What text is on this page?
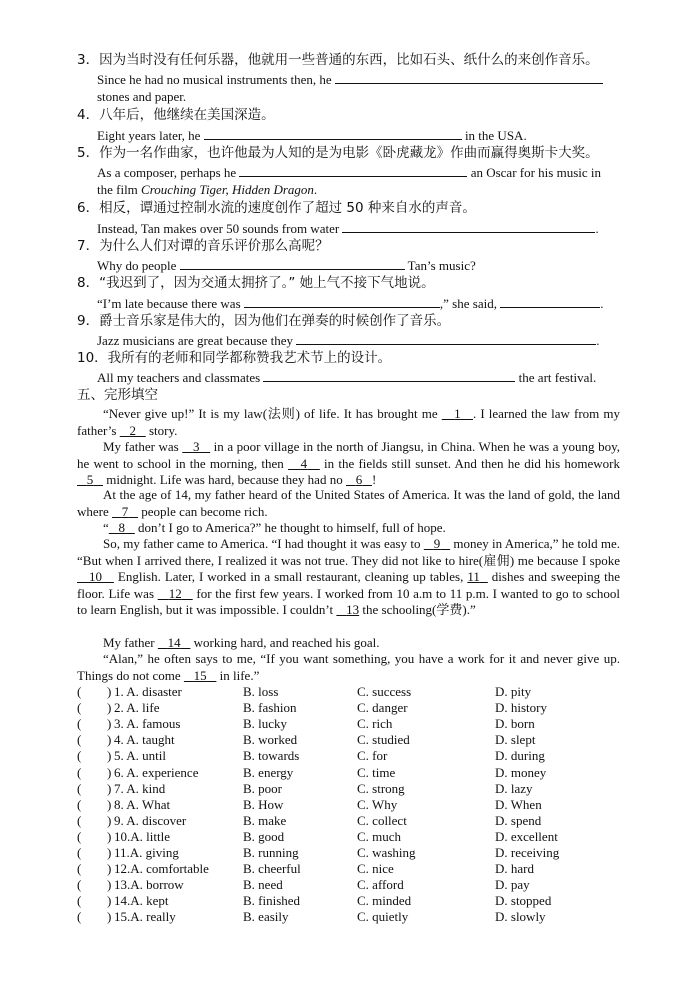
3．因为当时没有任何乐器，他就用一些普通的东西，比如石头、纸什么的来创作音乐。
Since he had no musical instruments then, he
stones and paper.
4．八年后，他继续在美国深造。
Eight years later, he	in the USA.
5．作为一名作曲家，也许他最为人知的是为电影《卧虎藏龙》作曲而赢得奥斯卡大奖。
As a composer, perhaps he	an Oscar for his music in
the film Crouching Tiger, Hidden Dragon.
6．相反，谭通过控制水流的速度创作了超过 50 种来自水的声音。
Instead, Tan makes over 50 sounds from water	.
7．为什么人们对谭的音乐评价那么高呢？
Why do people	Tan’s music?
8．“我迟到了，因为交通太拥挤了。” 她上气不接下气地说。
“I’m late because there was	,” she said,	.
9．爵士音乐家是伟大的，因为他们在弹奏的时候创作了音乐。
Jazz musicians are great because they	.
10．我所有的老师和同学都称赞我艺术节上的设计。
All my teachers and classmates	the art festival.
五、完形填空
“Never give up!” It is my law(法则) of life. It has brought me    1 . I learned the law from my father’s    2    story.
My father was    3    in a poor village in the north of Jiangsu, in China. When he was a young boy, he went to school in the morning, then    4    in the fields still sunset. And then he did his homework    5    midnight. Life was hard, because they had no    6 !
At the age of 14, my father heard of the United States of America. It was the land of gold, the land where    7    people can become rich.
“ 8    don’t I go to America?” he thought to himself, full of hope.
So, my father came to America. “I had thought it was easy to    9    money in America,” he told me. “But when I arrived there, I realized it was not true. They did not like to hire(雇佣) me because I spoke    10    English. Later, I worked in a small restaurant, cleaning up tables, 11   dishes and sweeping the floor. Life was    12    for the first few years. I worked from 10 a.m to 11 p.m. I wanted to go to school to learn English, but it was impossible. I couldn’t    13 the schooling(学费).”
My father    14    working hard, and reached his goal.
“Alan,” he often says to me, “If you want something, you have a work for it and never give up. Things do not come    15    in life.”
( ) 1. A. disaster	B. loss	C. success	D. pity
( ) 2. A. life	B. fashion	C. danger	D. history
( ) 3. A. famous	B. lucky	C. rich	D. born
( ) 4. A. taught	B. worked	C. studied	D. slept
( ) 5. A. until	B. towards	C. for	D. during
( ) 6. A. experience	B. energy	C. time	D. money
( ) 7. A. kind	B. poor	C. strong	D. lazy
( ) 8. A. What	B. How	C. Why	D. When
( ) 9. A. discover	B. make	C. collect	D. spend
( ) 10.A. little	B. good	C. much	D. excellent
( ) 11.A. giving	B. running	C. washing	D. receiving
( ) 12.A. comfortable	B. cheerful	C. nice	D. hard
( ) 13.A. borrow	B. need	C. afford	D. pay
( ) 14.A. kept	B. finished	C. minded	D. stopped
( ) 15.A. really	B. easily	C. quietly	D. slowly
